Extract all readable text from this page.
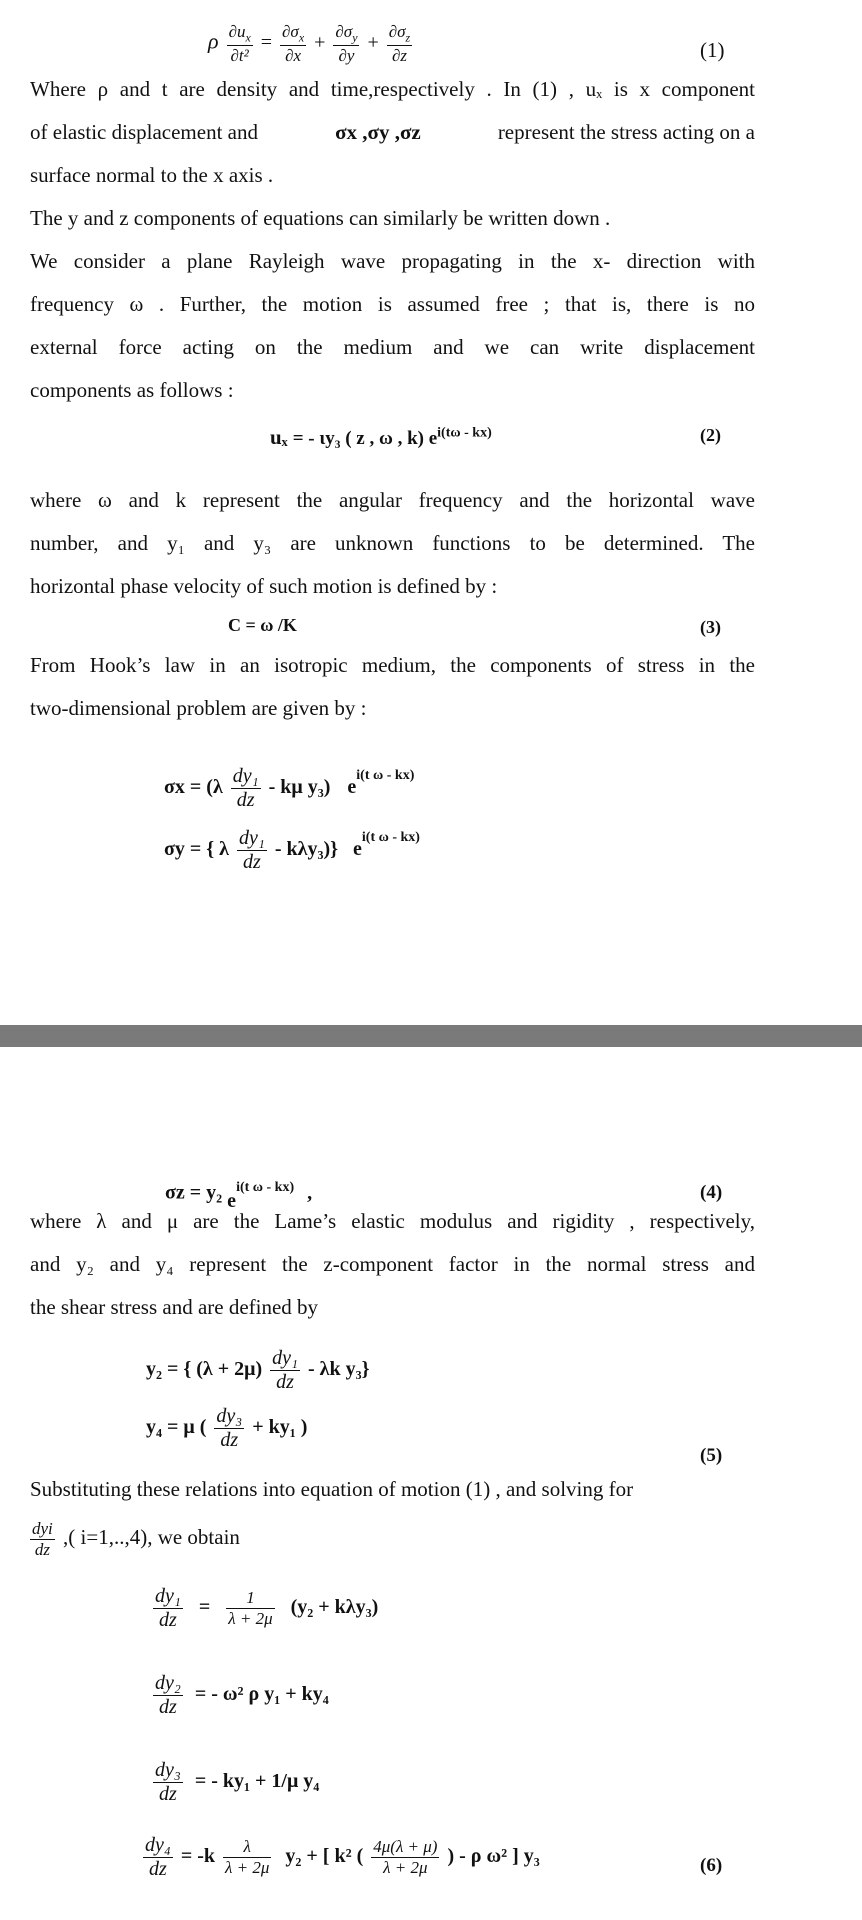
ρ $\frac{\partial u_x}{\text{∂t²}} = \frac{\partial\sigma_x}{\partial x} + \frac{\partial\sigma_y}{\partial y} + \frac{\partial\sigma_z}{\partial z}$	(1)
Where ρ and t are density and time,respectively . In (1) , uₓ is x component
of elastic displacement and	σx ,σy ,σz	represent the stress acting on a
surface normal to the x axis .
The y and z components of equations can similarly be written down .
We consider a plane Rayleigh wave propagating in the x- direction with
frequency ω . Further, the motion is assumed free ; that is, there is no
external force acting on the medium and we can write displacement
components as follows :
uₓ = - ɩy₃ ( z , ω , k) $e^{i(t\omega - kx)}$	(2)
where ω and k represent the angular frequency and the horizontal wave
number, and y₁ and y₃ are unknown functions to be determined. The
horizontal phase velocity of such motion is defined by :
C = ω /K	(3)
From Hook’s law in an isotropic medium, the components of stress in the
two-dimensional problem are given by :
$\sigma x = (\lambda \frac{\text{dy₁}}{dz} - k\mu$ y₃) $e^{i(t \omega - kx)}$
σy = { λ $\frac{\text{dy₁}}{dz} - k\lambda y_3$)} $e^{i(t \omega - kx)}$
σz = y₂ $e^{i(t \omega - kx)}$ ,	(4)
where λ and μ are the Lame’s elastic modulus and rigidity , respectively,
and y₂ and y₄ represent the z-component factor in the normal stress and
the shear stress and are defined by
y₂ = { $(\lambda + 2\mu) \frac{\text{dy₁}}{dz} - \lambda k$ y₃}
y₄ = μ ( $\frac{\text{dy₃}}{dz} + ky_1$ )
(5)
Substituting these relations into equation of motion (1) , and solving for
$\frac{\text{dyi}}{dz}$ ,( i=1,..,4), we obtain
$\frac{\text{dy₁}}{dz} = \frac{1}{\lambda + 2\mu} (y_2 + k\lambda y_3)$
$\frac{\text{dy₂}}{dz}$ = - ω² ρ y₁ + ky₄
$\frac{\text{dy₃}}{dz}$ = - ky₁ + 1/μ y₄
$\frac{\text{dy₄}}{dz} = -k \frac{\lambda}{\lambda + 2\mu} y_2$ + [ k² ( $\frac{4\mu(\lambda + \mu)}{\lambda + 2\mu}$ ) - ρ ω² ] y₃	(6)
